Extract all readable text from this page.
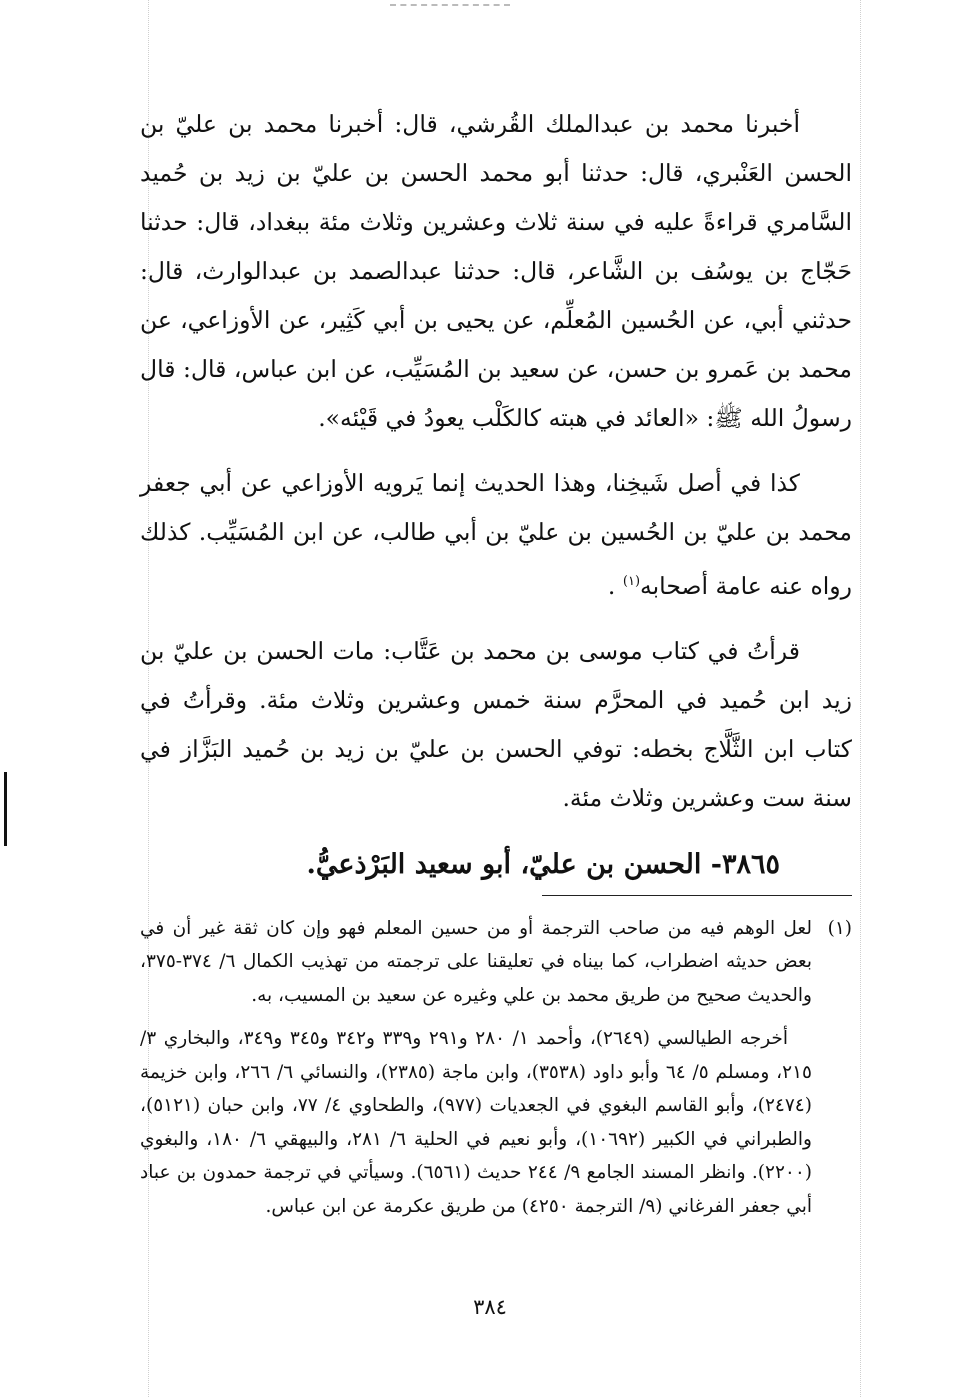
أخبرنا محمد بن عبدالملك القُرشي، قال: أخبرنا محمد بن عليّ بن الحسن العَنْبري، قال: حدثنا أبو محمد الحسن بن عليّ بن زيد بن حُميد السَّامري قراءةً عليه في سنة ثلاث وعشرين وثلاث مئة ببغداد، قال: حدثنا حَجّاج بن يوسُف بن الشَّاعر، قال: حدثنا عبدالصمد بن عبدالوارث، قال: حدثني أبي، عن الحُسين المُعلِّم، عن يحيى بن أبي كَثِير، عن الأوزاعي، عن محمد بن عَمرو بن حسن، عن سعيد بن المُسَيِّب، عن ابن عباس، قال: قال رسولُ الله ﷺ: «العائد في هبته كالكَلْب يعودُ في قَيْئه».

كذا في أصل شَيخِنا، وهذا الحديث إنما يَرويه الأوزاعي عن أبي جعفر محمد بن عليّ بن الحُسين بن عليّ بن أبي طالب، عن ابن المُسَيِّب. كذلك رواه عنه عامة أصحابه$^{(١)}$ .

قرأتُ في كتاب موسى بن محمد بن عَتَّاب: مات الحسن بن عليّ بن زيد ابن حُميد في المحرَّم سنة خمس وعشرين وثلاث مئة. وقرأتُ في كتاب ابن الثَّلَّاج بخطه: توفي الحسن بن عليّ بن زيد بن حُميد البَزَّاز في سنة ست وعشرين وثلاث مئة.

٣٨٦٥- الحسن بن عليّ، أبو سعيد البَرْذعيُّ.
(١)

لعل الوهم فيه من صاحب الترجمة أو من حسين المعلم فهو وإن كان ثقة غير أن في بعض حديثه اضطراب، كما بيناه في تعليقنا على ترجمته من تهذيب الكمال ٦/ ٣٧٤-٣٧٥، والحديث صحيح من طريق محمد بن علي وغيره عن سعيد بن المسيب، به.

أخرجه الطيالسي (٢٦٤٩)، وأحمد ١/ ٢٨٠ و٢٩١ و٣٣٩ و٣٤٢ و٣٤٥ و٣٤٩، والبخاري ٣/ ٢١٥، ومسلم ٥/ ٦٤ وأبو داود (٣٥٣٨)، وابن ماجة (٢٣٨٥)، والنسائي ٦/ ٢٦٦، وابن خزيمة (٢٤٧٤)، وأبو القاسم البغوي في الجعديات (٩٧٧)، والطحاوي ٤/ ٧٧، وابن حبان (٥١٢١)، والطبراني في الكبير (١٠٦٩٢)، وأبو نعيم في الحلية ٦/ ٢٨١، والبيهقي ٦/ ١٨٠، والبغوي (٢٢٠٠). وانظر المسند الجامع ٩/ ٢٤٤ حديث (٦٥٦١). وسيأتي في ترجمة حمدون بن عباد أبي جعفر الفرغاني (٩/ الترجمة ٤٢٥٠) من طريق عكرمة عن ابن عباس.

٣٨٤
